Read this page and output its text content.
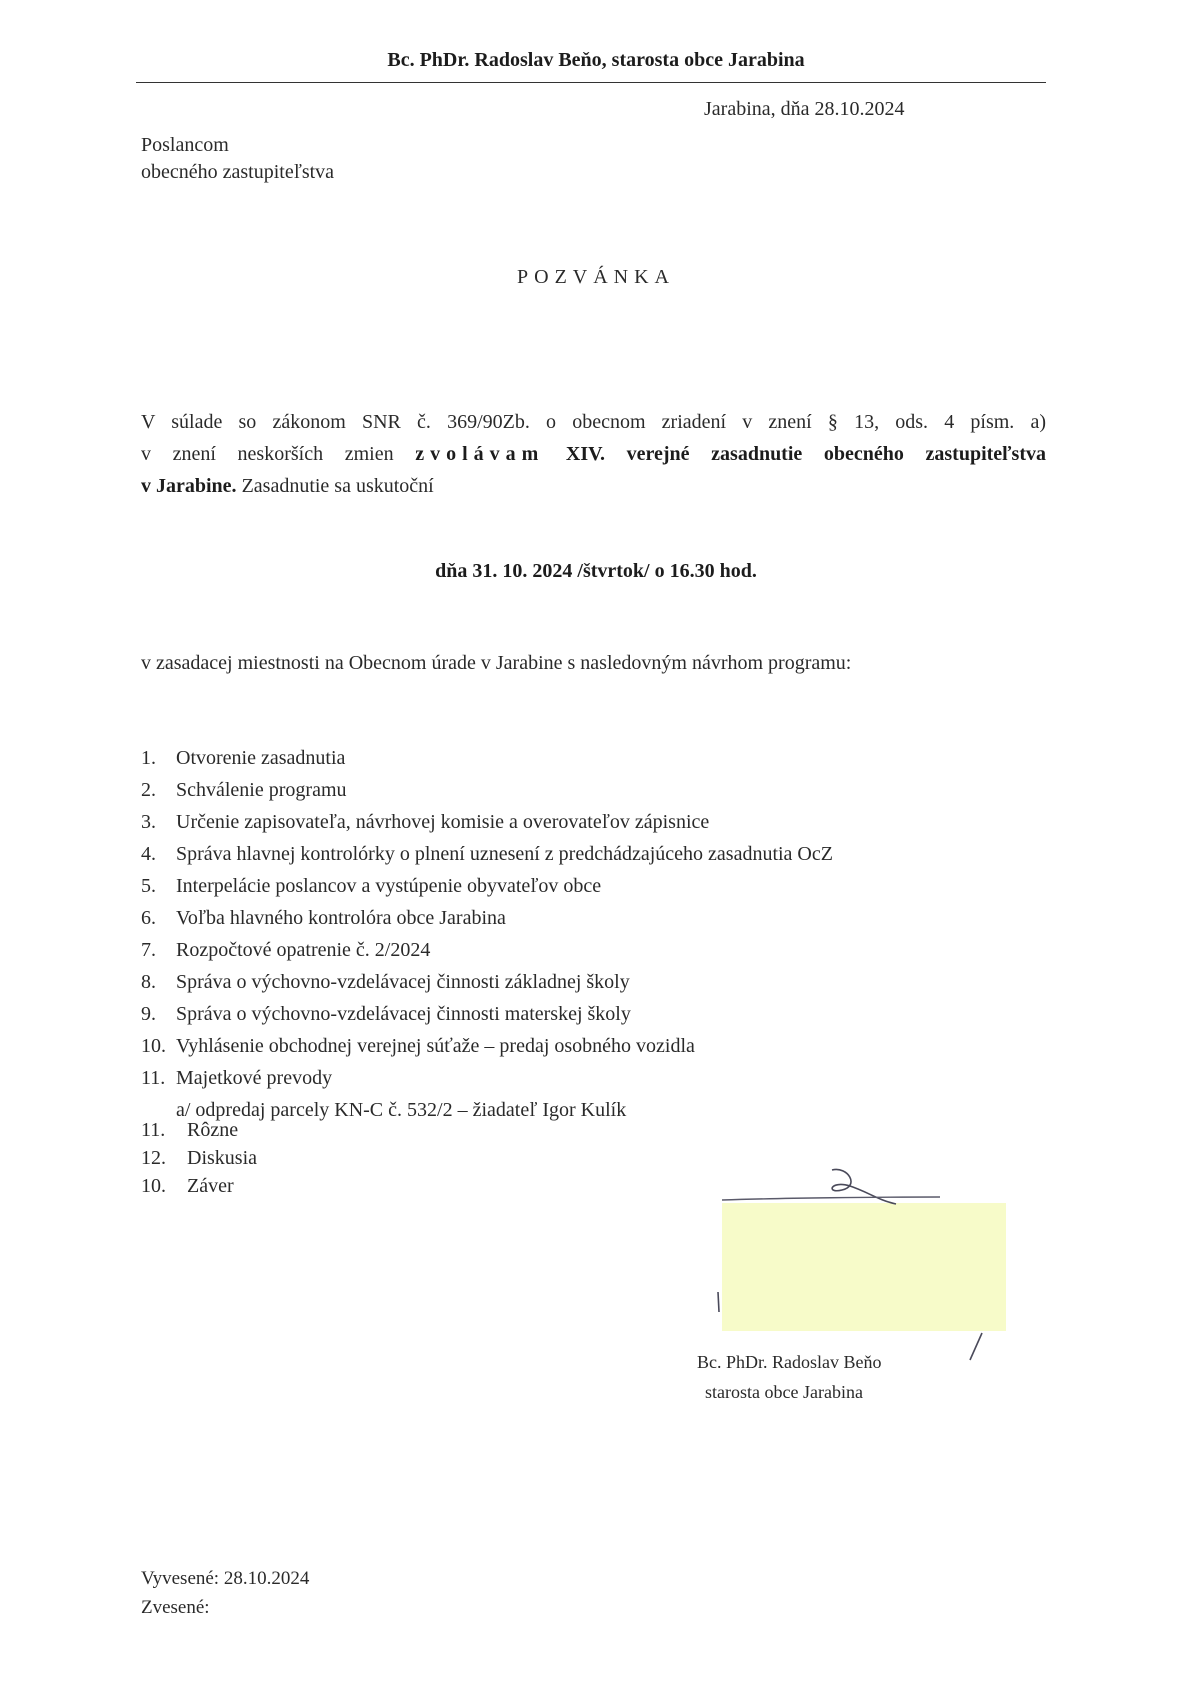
Bc. PhDr. Radoslav Beňo, starosta obce Jarabina
Jarabina, dňa 28.10.2024
Poslancom
obecného zastupiteľstva
POZVÁNKA

V súlade so zákonom SNR č. 369/90Zb. o obecnom zriadení v znení § 13, ods. 4 písm. a)

v znení neskorších zmien zvolávam XIV. verejné zasadnutie obecného zastupiteľstva

v Jarabine. Zasadnutie sa uskutoční

dňa 31. 10. 2024 /štvrtok/ o 16.30 hod.
v zasadacej miestnosti na Obecnom úrade v Jarabine s nasledovným návrhom programu:
1. Otvorenie zasadnutia
2. Schválenie programu
3. Určenie zapisovateľa, návrhovej komisie a overovateľov zápisnice
4. Správa hlavnej kontrolórky o plnení uznesení z predchádzajúceho zasadnutia OcZ
5. Interpelácie poslancov a vystúpenie obyvateľov obce
6. Voľba hlavného kontrolóra obce Jarabina
7. Rozpočtové opatrenie č. 2/2024
8. Správa o výchovno-vzdelávacej činnosti základnej školy
9. Správa o výchovno-vzdelávacej činnosti materskej školy
10. Vyhlásenie obchodnej verejnej súťaže – predaj osobného vozidla
11. Majetkové prevody
a/ odpredaj parcely KN-C č. 532/2 – žiadateľ Igor Kulík
11. Rôzne
12. Diskusia
10. Záver
Bc. PhDr. Radoslav Beňo
starosta obce Jarabina
Vyvesené: 28.10.2024
Zvesené:
